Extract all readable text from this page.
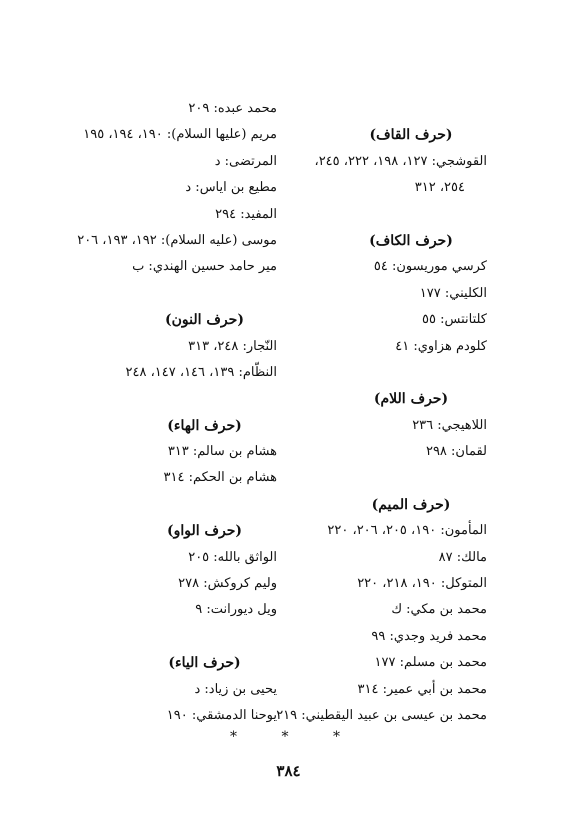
(حرف القاف)
القوشجي: ١٢٧، ١٩٨، ٢٢٢، ٢٤٥،
٢٥٤، ٣١٢
(حرف الكاف)
كرسي موريسون: ٥٤
الكليني: ١٧٧
كلتانتس: ٥٥
كلودم هزاوي: ٤١
(حرف اللام)
اللاهيجي: ٢٣٦
لقمان: ٢٩٨
(حرف الميم)
المأمون: ١٩٠، ٢٠٥، ٢٠٦، ٢٢٠
مالك: ٨٧
المتوكل: ١٩٠، ٢١٨، ٢٢٠
محمد بن مكي: ك
محمد فريد وجدي: ٩٩
محمد بن مسلم: ١٧٧
محمد بن أبي عمير: ٣١٤
محمد بن عيسى بن عبيد اليقطيني: ٢١٩
محمد عبده: ٢٠٩
مريم (عليها السلام): ١٩٠، ١٩٤، ١٩٥
المرتضى: د
مطيع بن اياس: د
المفيد: ٢٩٤
موسى (عليه السلام): ١٩٢، ١٩٣، ٢٠٦
مير حامد حسين الهندي: ب
(حرف النون)
النّجار: ٢٤٨، ٣١٣
النظّام: ١٣٩، ١٤٦، ١٤٧، ٢٤٨
(حرف الهاء)
هشام بن سالم: ٣١٣
هشام بن الحكم: ٣١٤
(حرف الواو)
الواثق بالله: ٢٠٥
وليم كروكش: ٢٧٨
ويل ديورانت: ٩
(حرف الياء)
يحيى بن زياد: د
يوحنا الدمشقي: ١٩٠
*	*	*
٣٨٤
